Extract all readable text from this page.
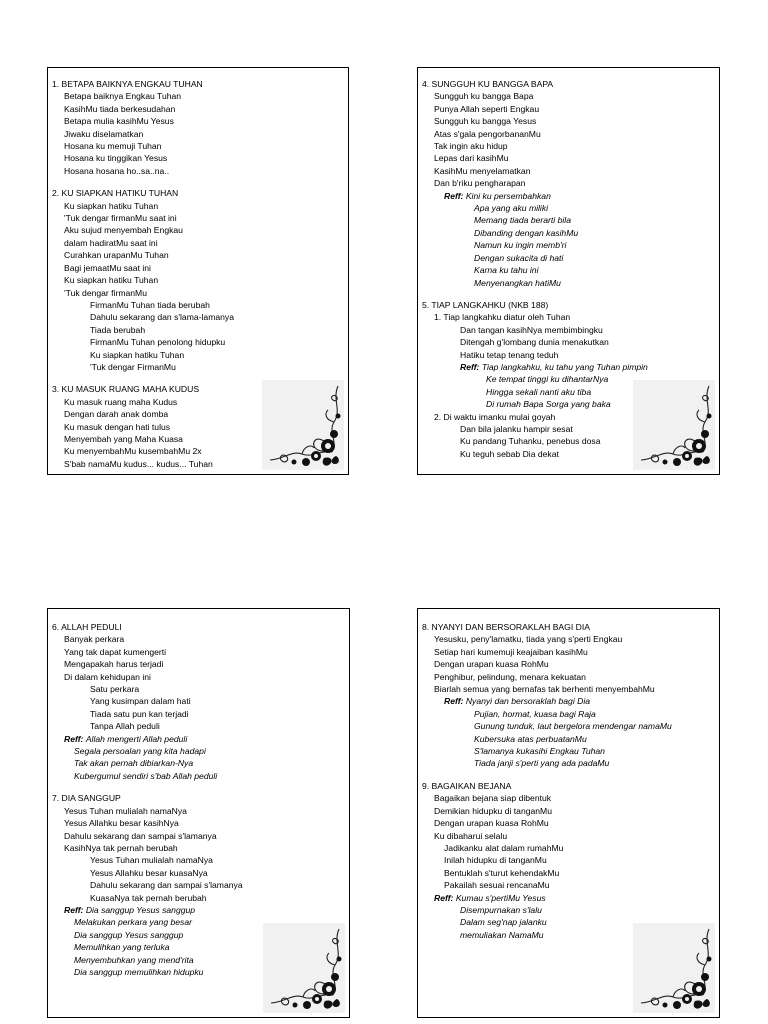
1. BETAPA BAIKNYA ENGKAU TUHAN
Betapa baiknya Engkau Tuhan
KasihMu tiada berkesudahan
Betapa mulia kasihMu Yesus
Jiwaku diselamatkan
Hosana ku memuji Tuhan
Hosana ku tinggikan Yesus
Hosana hosana ho..sa..na..
2. KU SIAPKAN HATIKU TUHAN
Ku siapkan hatiku Tuhan
'Tuk dengar firmanMu saat ini
Aku sujud menyembah Engkau
dalam hadiratMu saat ini
Curahkan urapanMu Tuhan
Bagi jemaatMu saat ini
Ku siapkan hatiku Tuhan
'Tuk dengar firmanMu
FirmanMu Tuhan tiada berubah
Dahulu sekarang dan s'lama-lamanya
Tiada berubah
FirmanMu Tuhan penolong hidupku
Ku siapkan hatiku Tuhan
'Tuk dengar FirmanMu
3. KU MASUK RUANG MAHA KUDUS
Ku masuk ruang maha Kudus
Dengan darah anak domba
Ku masuk dengan hati tulus
Menyembah yang Maha Kuasa
Ku menyembahMu kusembahMu 2x
S'bab namaMu kudus... kudus... Tuhan
4. SUNGGUH KU BANGGA BAPA
Sungguh ku bangga Bapa
Punya Allah seperti Engkau
Sungguh ku bangga Yesus
Atas s'gala pengorbananMu
Tak ingin aku hidup
Lepas dari kasihMu
KasihMu menyelamatkan
Dan b'riku pengharapan
Reff: Kini ku persembahkan
Apa yang aku miliki
Memang tiada berarti bila
Dibanding dengan kasihMu
Namun ku ingin memb'ri
Dengan sukacita di hati
Karna ku tahu ini
Menyenangkan hatiMu
5. TIAP LANGKAHKU (NKB 188)
1. Tiap langkahku diatur oleh Tuhan
Dan tangan kasihNya membimbingku
Ditengah g'lombang dunia menakutkan
Hatiku tetap tenang teduh
Reff: Tiap langkahku, ku tahu yang Tuhan pimpin
Ke tempat tinggi ku dihantarNya
Hingga sekali nanti aku tiba
Di rumah Bapa Sorga yang baka
2. Di waktu imanku mulai goyah
Dan bila jalanku hampir sesat
Ku pandang Tuhanku, penebus dosa
Ku teguh sebab Dia dekat
6. ALLAH PEDULI
Banyak perkara
Yang tak dapat kumengerti
Mengapakah harus terjadi
Di dalam kehidupan ini
Satu perkara
Yang kusimpan dalam hati
Tiada satu pun kan terjadi
Tanpa Allah peduli
Reff: Allah mengerti Allah peduli
Segala persoalan yang kita hadapi
Tak akan pernah dibiarkan-Nya
Kubergumul sendiri s'bab Allah peduli
7. DIA SANGGUP
Yesus Tuhan mulialah namaNya
Yesus Allahku besar kasihNya
Dahulu sekarang dan sampai s'lamanya
KasihNya tak pernah berubah
Yesus Tuhan mulialah namaNya
Yesus Allahku besar kuasaNya
Dahulu sekarang dan sampai s'lamanya
KuasaNya tak pernah berubah
Reff: Dia sanggup Yesus sanggup
Melakukan perkara yang besar
Dia sanggup Yesus sanggup
Memulihkan yang terluka
Menyembuhkan yang mend'rita
Dia sanggup memulihkan hidupku
8. NYANYI DAN BERSORAKLAH BAGI DIA
Yesusku, peny'lamatku, tiada yang s'perti Engkau
Setiap hari kumemuji keajaiban kasihMu
Dengan urapan kuasa RohMu
Penghibur, pelindung, menara kekuatan
Biarlah semua yang bernafas tak berhenti menyembahMu
Reff: Nyanyi dan bersoraklah bagi Dia
Pujian, hormat, kuasa bagi Raja
Gunung tunduk, laut bergelora mendengar namaMu
Kubersuka atas perbuatanMu
S'lamanya kukasihi Engkau Tuhan
Tiada janji s'perti yang ada padaMu
9. BAGAIKAN BEJANA
Bagaikan bejana siap dibentuk
Demikian hidupku di tanganMu
Dengan urapan kuasa RohMu
Ku dibaharui selalu
Jadikanku alat dalam rumahMu
Inilah hidupku di tanganMu
Bentuklah s'turut kehendakMu
Pakailah sesuai rencanaMu
Reff: Kumau s'pertiMu Yesus
Disempurnakan s'lalu
Dalam seg'nap jalanku
memuliakan NamaMu
